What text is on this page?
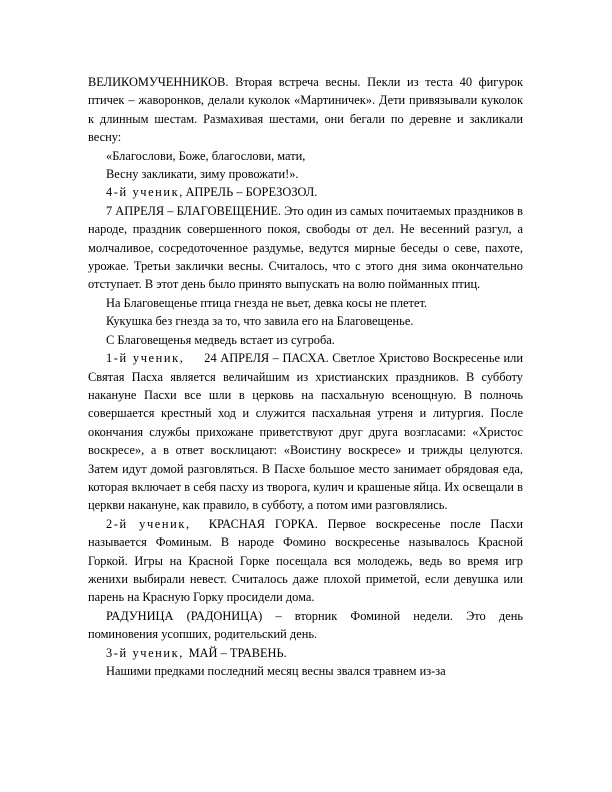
ВЕЛИКОМУЧЕННИКОВ. Вторая встреча весны. Пекли из теста 40 фигурок птичек – жаворонков, делали куколок «Мартиничек». Дети привязывали куколок к длинным шестам. Размахивая шестами, они бегали по деревне и закликали весну:

«Благослови, Боже, благослови, мати,

Весну закликати, зиму провожати!».

4-й ученик, АПРЕЛЬ – БОРЕЗОЗОЛ.

7 АПРЕЛЯ – БЛАГОВЕЩЕНИЕ. Это один из самых почитаемых праздников в народе, праздник совершенного покоя, свободы от дел. Не весенний разгул, а молчаливое, сосредоточенное раздумье, ведутся мирные беседы о севе, пахоте, урожае. Третьи заклички весны. Считалось, что с этого дня зима окончательно отступает. В этот день было принято выпускать на волю пойманных птиц.

На Благовещенье птица гнезда не вьет, девка косы не плетет.

Кукушка без гнезда за то, что завила его на Благовещенье.

С Благовещенья медведь встает из сугроба.

1-й ученик,      24 АПРЕЛЯ – ПАСХА. Светлое Христово Воскресенье или Святая Пасха является величайшим из христианских праздников. В субботу накануне Пасхи все шли в церковь на пасхальную всенощную. В полночь совершается крестный ход и служится пасхальная утреня и литургия. После окончания службы прихожане приветствуют друг друга возгласами: «Христос воскресе», а в ответ восклицают: «Воистину воскресе» и трижды целуются. Затем идут домой разговляться. В Пасхе большое место занимает обрядовая еда, которая включает в себя пасху из творога, кулич и крашеные яйца. Их освещали в церкви накануне, как правило, в субботу, а потом ими разговлялись.

2-й ученик,  КРАСНАЯ ГОРКА. Первое воскресенье после Пасхи называется Фоминым. В народе Фомино воскресенье называлось Красной Горкой. Игры на Красной Горке посещала вся молодежь, ведь во время игр женихи выбирали невест. Считалось даже плохой приметой, если девушка или парень на Красную Горку просидели дома.

РАДУНИЦА (РАДОНИЦА) – вторник Фоминой недели. Это день поминовения усопших, родительский день.

3-й ученик,  МАЙ – ТРАВЕНЬ.

Нашими предками последний месяц весны звался травнем из-за
